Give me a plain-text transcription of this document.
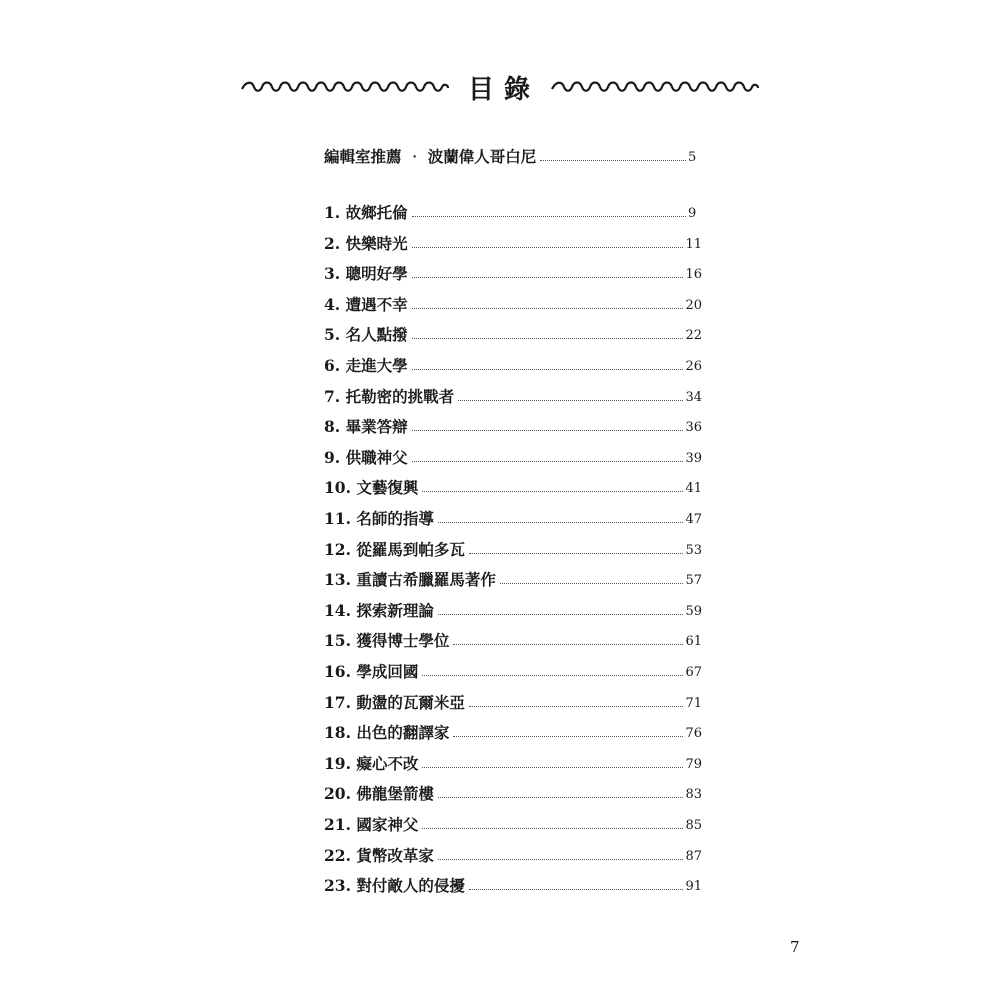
目錄
編輯室推薦 ‧ 波蘭偉人哥白尼	5
1. 故鄉托倫	9
2. 快樂時光	11
3. 聰明好學	16
4. 遭遇不幸	20
5. 名人點撥	22
6. 走進大學	26
7. 托勒密的挑戰者	34
8. 畢業答辯	36
9. 供職神父	39
10. 文藝復興	41
11. 名師的指導	47
12. 從羅馬到帕多瓦	53
13. 重讀古希臘羅馬著作	57
14. 探索新理論	59
15. 獲得博士學位	61
16. 學成回國	67
17. 動盪的瓦爾米亞	71
18. 出色的翻譯家	76
19. 癡心不改	79
20. 佛龍堡箭樓	83
21. 國家神父	85
22. 貨幣改革家	87
23. 對付敵人的侵擾	91
7
